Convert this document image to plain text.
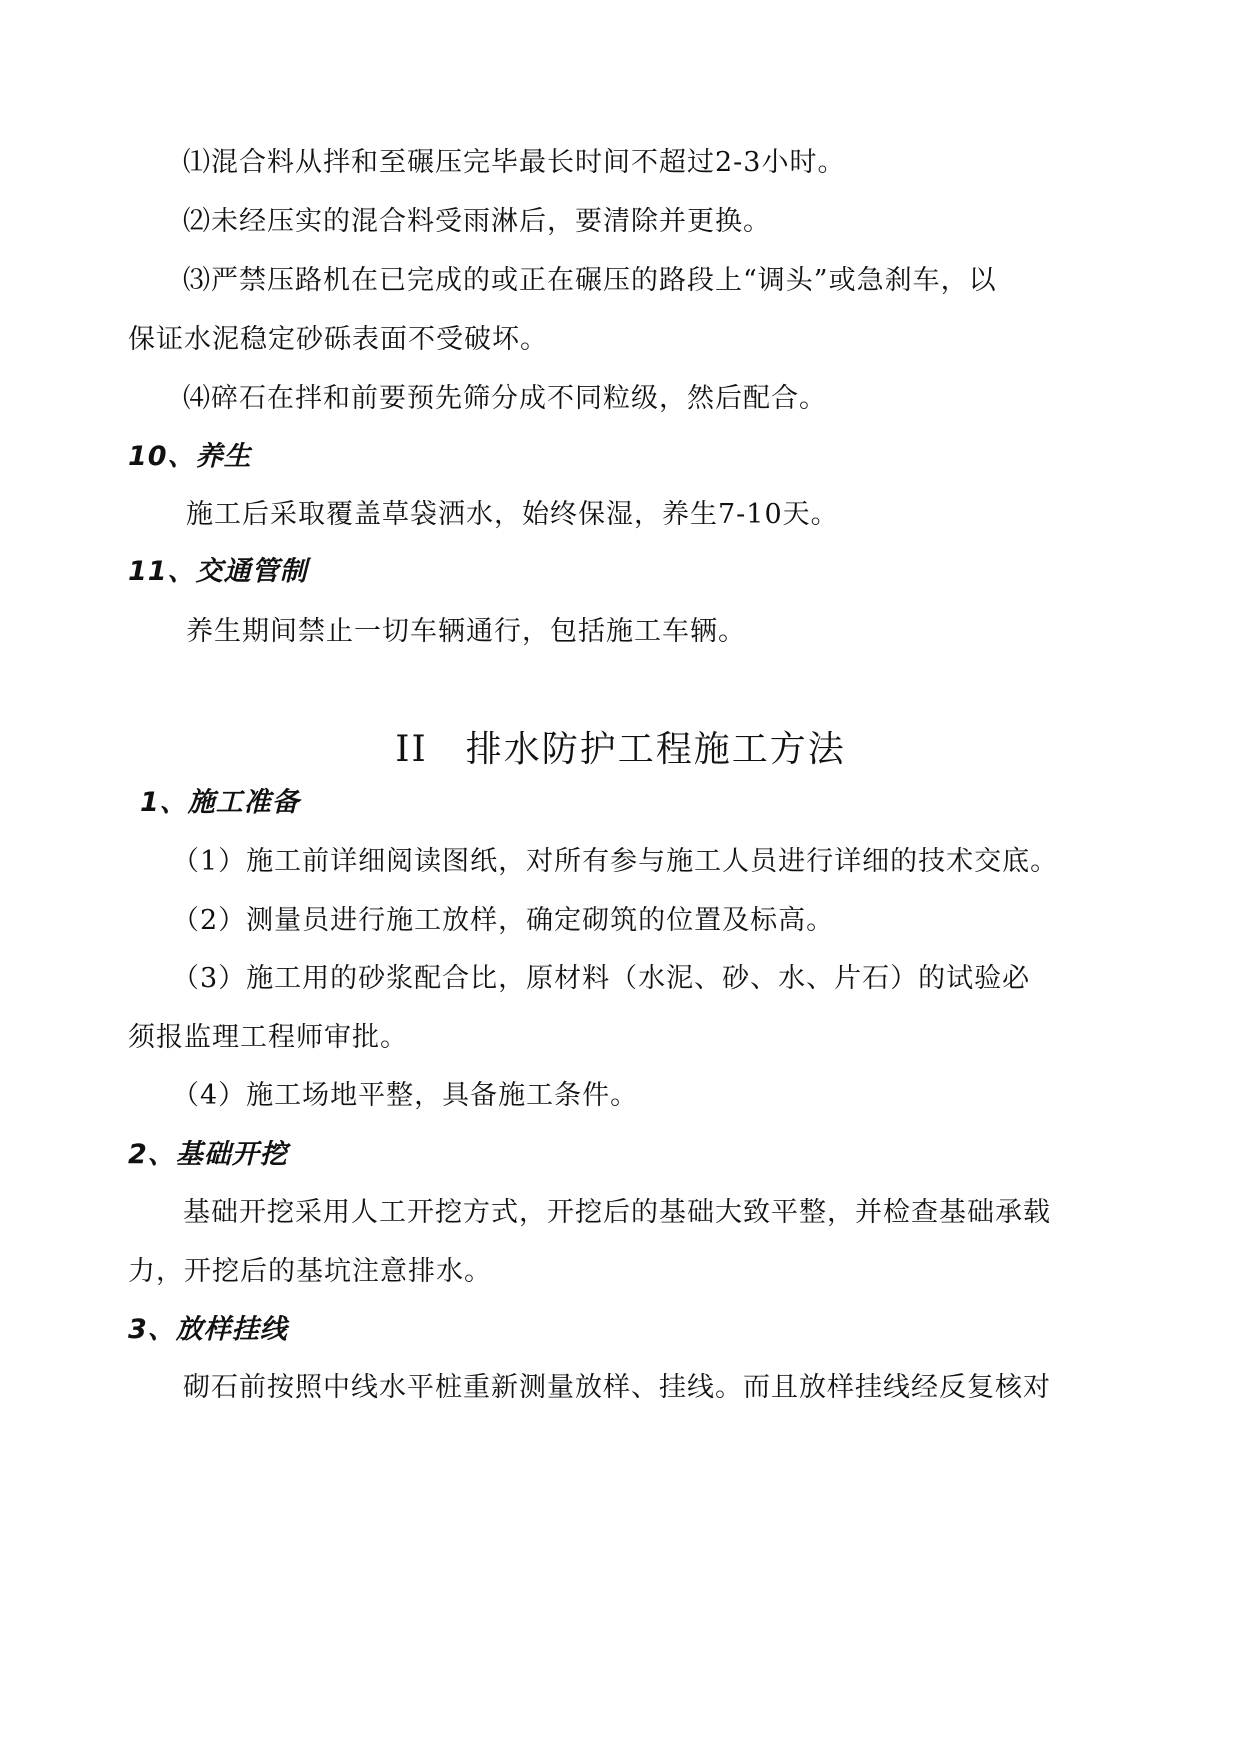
⑴混合料从拌和至碾压完毕最长时间不超过2-3小时。
⑵未经压实的混合料受雨淋后，要清除并更换。
⑶严禁压路机在已完成的或正在碾压的路段上“调头”或急刹车，以
保证水泥稳定砂砾表面不受破坏。
⑷碎石在拌和前要预先筛分成不同粒级，然后配合。
10、养生
施工后采取覆盖草袋洒水，始终保湿，养生7-10天。
11、交通管制
养生期间禁止一切车辆通行，包括施工车辆。
II　排水防护工程施工方法
1、施工准备
（1）施工前详细阅读图纸，对所有参与施工人员进行详细的技术交底。
（2）测量员进行施工放样，确定砌筑的位置及标高。
（3）施工用的砂浆配合比，原材料（水泥、砂、水、片石）的试验必
须报监理工程师审批。
（4）施工场地平整，具备施工条件。
2、基础开挖
基础开挖采用人工开挖方式，开挖后的基础大致平整，并检查基础承载
力，开挖后的基坑注意排水。
3、放样挂线
砌石前按照中线水平桩重新测量放样、挂线。而且放样挂线经反复核对
